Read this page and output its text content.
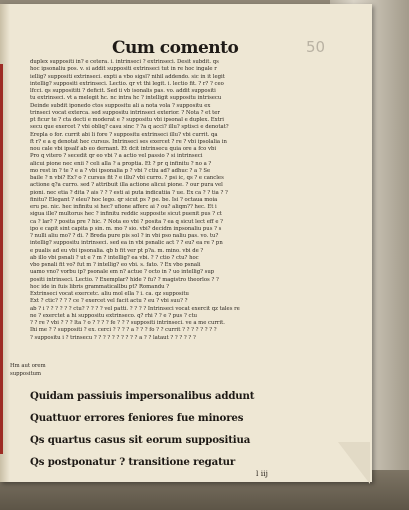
Cum comento	50

duplex suppositi in? e cetera. i. intrinseci ? extrinseci. Desit subdit. qs
hoc ipsonaliu pos. v. si addit suppositi extrinseci tut in re hoc ingale r
iellig? suppositi extrinseci. expti a vbo sigsl? nihil addendo. sic in it legit
intellig? suppositi extrinseci. Lectio. qr vt thi legit. i. lectio fit. ? r? ? ceo
lfcci. qs supposititi ? deficit. Sed ii vb isonalis pas. vo. addit suppositi
tu extrinseci. vt a melegit hc. nc intra hc ? intelligit suppositu intrisecu
Deinde subdit iponedo ctos suppositu ali a nota vola ? suppositu ex
trinseci vocat exterca. sed suppositu intrinseci exterior. ? Nota ? et ter
pt ficur te ? cta decti e moderat e ? suppositu vbi ipsonal e duplex. Extri
secu que exercet ? vbi obliq? casu sinc ? ?a q acci? illu? sptisci e denotat?
Erepla o for. currit abi li fore ? suppositu extrinseci illu? vbi currit. qa
ft r? e a q denotat hec cursus. Intrinseci ses exercet ? re ? vbi ipsolalia in
nou cale vbi ipsalf ab eo dernant. Et dcit intrinsecu quia ore a fco vbi
Pro q vitero ? secedit qr eo vbi ? a actio vel passio ? si intrinseci
alicui pione nec enii ? celi alla ? a proptia. Et ? pr q infinitu ? no a ?
mo rest in ? te ? e a ? vbi ipsonalia p ? vbi ? ctiu ad? adhuc ? a ? Se
baile ? n vbi? Ex? o ? cursus fit ? e illu? vbi curro. ? psi ic, qs ? e cancles
actione q?a curro. sed ? attribuit illa actione alicui pione. ? our pura vel
pioni. nec etia ? dita ? ais ? ? ? esti ai puta indicatiia ? ue. Ex ca ? ? tia ? ?
finitu? Elegant ? eleu? hoc lego. qr sicut ps ? pe. be. Isi ? octaua moia
eru pe. nic. hec infinitu si hec? ufione afferc ai ? ou? aliqm?? hec. Et i
sigua ille? multorus hec ? infinitu reddic supposite sicut puenit pus ? ct
ca ? lar? ? posita pre ? hic. ? Nota eo vbi ? posita ? ea q sicut lect eff e ?
ipo e capit sint capita p sin. m. mo ? sio. vbi? decidm inpsonaliu pus ? s
? nulli aliu mo? ? di. ? Breda pure pis sol ? in vbi pso naliu pas. vo. tu?
intellig? suppositu intrinseci. sed ea in vbi psnalic act ? ? eu? ea re ? pn
e pualis ad eu vbi ipsonalia. qb b fit ver pt p?a. m. mino. vbi de ?
ab illo vbi psnali ? ut e ? m ? intellig? ea vbi. ? ? ctio ? ctu? hoc
vbo psnali fit vo? fut m ? intellig? eo vbi. s. fato. ? Ex vbo psnali
uamo vno? vorbu ip? psonale em n? actue ? octo in ? uo intellig? sup
positi intrinseci. Lectio. ? Exemplar? hide ? fu? ? magistro theorlos ? ?
hoc ide in fuis libris grammaticallbu pt? Romandu ?
Extrinseci vocat exercetc. aliu mol ella ? i. ca. qz suppositu
Ext ? ctic? ? ? ? ce ? exercet vel facit actu ? eu ? vbi suu? ?
ab ? i ? ? ? ? ? ? ctu? ? ? ? ? vel patti. ? ? ? ? Intrinseci vocat exercit qz tales re
ne ? exerctet a hi suppositu extrinseco. q? rhi ? ? e ? pus ? ctu
? ? re ? vbi ? ? ? lta ? o ? ? ? ? fe ? ? ? suppositi intrinseci. ve a me currit.
Ihi me ? ? suppositi ? ex. cerci ? ? ? ? a ? ? ? fo ? ? currit ? ? ? ? ? ? ? ?
? suppositu i ? trinsecu ? ? ? ? ? ? ? ? ? ? a ? ? lataut ? ? ? ? ? ?
Hm aut orem
suppositum

Quidam passiuis impersonalibus addunt

Quattuor errores feniores fue minores

Qs quartus casus sit eorum suppositiua

Qs postponatur ? transitione regatur

l iij
